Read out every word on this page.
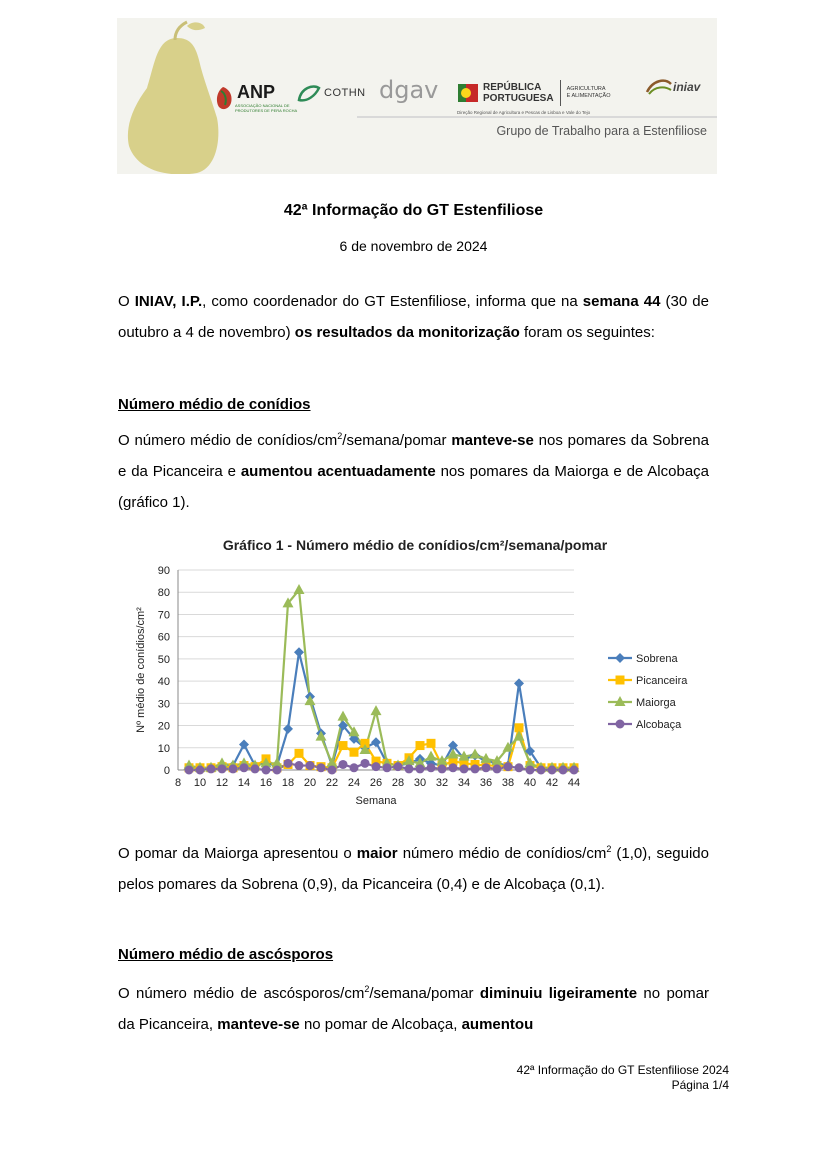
ANP
ASSOCIAÇÃO NACIONAL DE PRODUTORES DE PERA ROCHA
COTHN dgav	REPÚBLICA
PORTUGUESA
AGRICULTURA
E ALIMENTAÇÃO
Direção Regional de Agricultura e Pescas de Lisboa e Vale do Tejo
iniav
Grupo de Trabalho para a Estenfiliose
42ª Informação do GT Estenfiliose
6 de novembro de 2024
O INIAV, I.P., como coordenador do GT Estenfiliose, informa que na semana 44 (30 de outubro a 4 de novembro) os resultados da monitorização foram os seguintes:
Número médio de conídios
O número médio de conídios/$cm^2/semana$/pomar manteve-se nos pomares da Sobrena e da Picanceira e aumentou acentuadamente nos pomares da Maiorga e de Alcobaça (gráfico 1).
Gráfico 1 - Número médio de conídios/cm²/semana/pomar
0
10
20
30
40
50
60
70
80
90
8 10 12 14 16 18 20 22 24 26 28 30 32 34 36 38 40 42 44
Semana
Nº médio de conídios/cm²	Sobrena
Picanceira
Maiorga
Alcobaça
O pomar da Maiorga apresentou o maior número médio de conídios/$cm^2$ (1,0), seguido pelos pomares da Sobrena (0,9), da Picanceira (0,4) e de Alcobaça (0,1).
Número médio de ascósporos
O número médio de ascósporos/$cm^2/semana$/pomar diminuiu ligeiramente no pomar da Picanceira, manteve-se no pomar de Alcobaça, aumentou
42ª Informação do GT Estenfiliose 2024
Página 1/4
